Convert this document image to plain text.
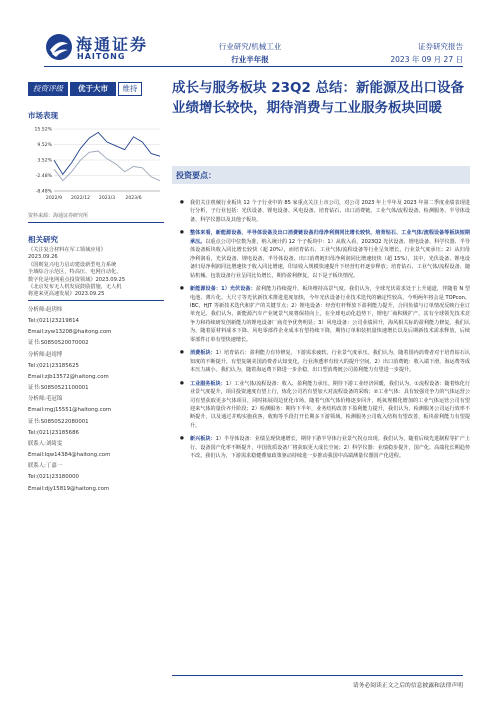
海通证券
HAITONG
行业研究/机械工业
行业半年报
证券研究报告
2023 年 09 月 27 日
投资评级	优于大市	维持
市场表现
15.52%
9.52%
3.52%
-2.48%
-8.48%
2022/9 2022/12 2023/3 2023/6
资料来源：海通证券研究所
相关研究
《关注复合材料在军工领域应用》
2023.09.26
《国则复兴电力启动建设新型电力系统
全域综合示范区，特高压、电网自动化、
数字化是电网重点投资领域》2023.09.25
《北京发布无人机发展鼓励措施，无人机
将迎来更高速发展》2023.09.25
分析师:赵玥炜
Tel:(021)23219814
Email:zyw13208@haitong.com
证书:S0850520070002
分析师:赵靖博
Tel:(021)23185625
Email:zjb13572@haitong.com
证书:S0850521100001
分析师:毛冠锦
Email:mgj15551@haitong.com
证书:S0850522080001
Tel:(021)23185686
联系人:刘绮雯
Email:lqw14384@haitong.com
联系人:丁嘉一
Tel:(021)23180000
Email:djy15819@haitong.com
成长与服务板块 23Q2 总结：新能源及出口设备业绩增长较快，期待消费与工业服务板块回暖
投资要点：
● 我们关注机械行业板块 12 个子行业中的 85 家重点关注上市公司，对公司 2023 年上半年及 2023 年第二季度业绩表现进行分析，子行业包括：光伏设备、锂电设备、风电设备、培育钻石、出口消费链、工业气体/流程设备、检测服务、半导体设备、科学仪器以及其他子板块。
● 整体来看，新能源设备、半导体设备及出口消费链设备归母净利润同比增长较快，培育钻石、工业气体/流程设备等板块短期承压。以重点公司中位数为准，纳入统计的 12 个子板块中：1）从收入看，2023Q2 光伏设备、锂电设备、科学仪器、半导体设备板块收入同比增长较快（超 20%），而培育钻石、工业气体/流程设备等行业呈负增长，行业景气度承压；2）从归母净利润看，光伏设备、锂电设备、半导体设备、出口消费链归母净利润同比增速较快（超 15%），其中，光伏设备、锂电设备归母净利润同比增速快于收入同比增速，印证收入规模快速提升下经营杠杆逐步释放；培育钻石、工业气体/流程设备、随钻机械、包装设备行业呈同比负增长，期待盈利修复，以下是子板块情况。
● 新能源设备：1）光伏设备：盈利能力持续提升，板块维持高景气度。我们认为，全球光伏需求处于上升通道，伴随着 N 型电池、薄片化、大尺寸等光伏新技术推进进度加快，今年光伏设备行业技术迭代的确定性较高，今明两年将会是 TOPcon、IBC、HJT 等新技术迭代和扩产的关键节点；2）锂电设备：经营杠杆释放下盈利能力提升，合同负债与订单情况反映行业订单充足。我们认为，新能源汽车产业链景气度将保持向上，在全球电动化趋势下，锂电厂商积极扩产，其有全球领先技术竞争力和持续研发创新能力的锂电设备厂商竞争优势明显；3）风电设备：公司业绩回升，海风相关标的盈利能力修复。我们认为，随着原材料成本下降、风电零部件企业成本有望持续下降，期待订单和装机量快速增长以及后期新技术需求释放，后续零部件订单有望快速增长。
● 消费板块：1）培育钻石：盈利能力有待修复，下游需求疲软、行业景气度承压。我们认为，随着国内消费者对于培育钻石认知度的不断提升，有望复制美国消费者认知变化，行业渗透率有较大的提升空间。2）出口消费链：收入端下滑，海运费等成本压力减小。我们认为，随着海运费下降进一步企稳，出口型消费链公司盈利能力有望进一步提升。
● 工业服务板块：1）工业气体/流程设备：收入、盈利能力承压。期待下游工业经济回暖，我们认为，①流程设备：随着炼化行业景气度提升，项目投资速度有望上行，炼化公司若有望加大对流程设备的采购；②工业气体：具有较强竞争力的气体运营公司有望获取更多气体项目，同时拓展周边优化市场，随着气体气体价格逐步回升，耗氧规模化增加的工业气体运营公司有望迎来气体的量价齐升阶段；2）检测服务：期待下半年，业务结构改善下盈利能力提升，我们认为，检测服务公司运行效率不断提升，以及通过并购实施获客，收购等手段打开长期多下游领域，检测服务公司收入结构有望改善，板块盈利能力有望提升。
● 新兴板块：1）半导体设备：业绩呈现快速增长，期待下游半导体行业景气拐点出现。我们认为，随着后续先进制程等扩产上行、设备国产化率不断提升，中国优质设备厂将获取更大成长空间；2）科学仪器：业绩稳步提升，国产化、高端化长期趋势不改。我们认为，下游需求稳健叠加政策驱动持续进一步推动我国中高端测量仪器国产化进程。
请务必阅读正文之后的信息披露和法律声明
